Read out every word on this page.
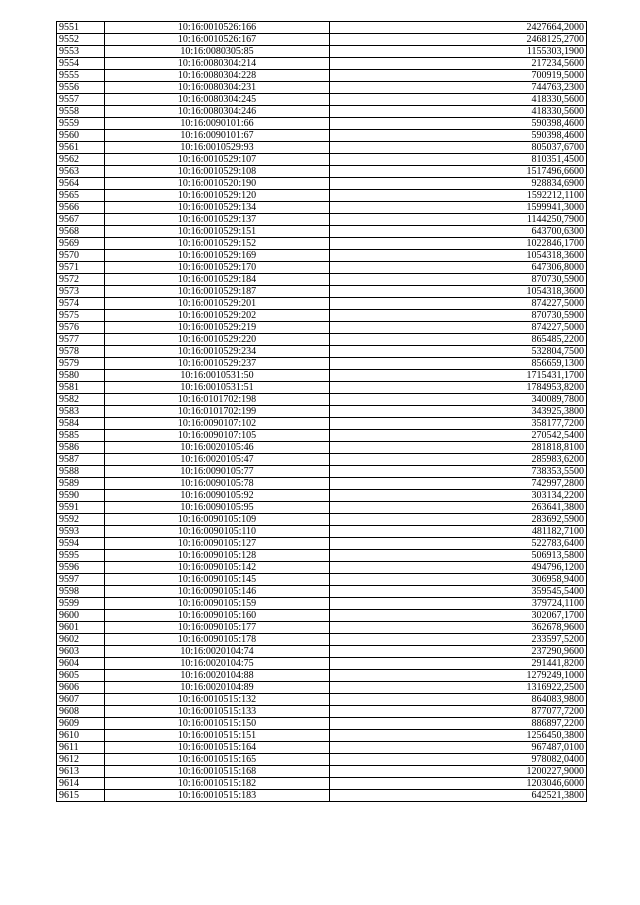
9551	10:16:0010526:166	2427664,2000
9552	10:16:0010526:167	2468125,2700
9553	10:16:0080305:85	1155303,1900
9554	10:16:0080304:214	217234,5600
9555	10:16:0080304:228	700919,5000
9556	10:16:0080304:231	744763,2300
9557	10:16:0080304:245	418330,5600
9558	10:16:0080304:246	418330,5600
9559	10:16:0090101:66	590398,4600
9560	10:16:0090101:67	590398,4600
9561	10:16:0010529:93	805037,6700
9562	10:16:0010529:107	810351,4500
9563	10:16:0010529:108	1517496,6600
9564	10:16:0010520:190	928834,6900
9565	10:16:0010529:120	1592212,1100
9566	10:16:0010529:134	1599941,3000
9567	10:16:0010529:137	1144250,7900
9568	10:16:0010529:151	643700,6300
9569	10:16:0010529:152	1022846,1700
9570	10:16:0010529:169	1054318,3600
9571	10:16:0010529:170	647306,8000
9572	10:16:0010529:184	870730,5900
9573	10:16:0010529:187	1054318,3600
9574	10:16:0010529:201	874227,5000
9575	10:16:0010529:202	870730,5900
9576	10:16:0010529:219	874227,5000
9577	10:16:0010529:220	865485,2200
9578	10:16:0010529:234	532804,7500
9579	10:16:0010529:237	856659,1300
9580	10:16:0010531:50	1715431,1700
9581	10:16:0010531:51	1784953,8200
9582	10:16:0101702:198	340089,7800
9583	10:16:0101702:199	343925,3800
9584	10:16:0090107:102	358177,7200
9585	10:16:0090107:105	270542,5400
9586	10:16:0020105:46	281818,8100
9587	10:16:0020105:47	285983,6200
9588	10:16:0090105:77	738353,5500
9589	10:16:0090105:78	742997,2800
9590	10:16:0090105:92	303134,2200
9591	10:16:0090105:95	263641,3800
9592	10:16:0090105:109	283692,5900
9593	10:16:0090105:110	481182,7100
9594	10:16:0090105:127	522783,6400
9595	10:16:0090105:128	506913,5800
9596	10:16:0090105:142	494796,1200
9597	10:16:0090105:145	306958,9400
9598	10:16:0090105:146	359545,5400
9599	10:16:0090105:159	379724,1100
9600	10:16:0090105:160	302067,1700
9601	10:16:0090105:177	362678,9600
9602	10:16:0090105:178	233597,5200
9603	10:16:0020104:74	237290,9600
9604	10:16:0020104:75	291441,8200
9605	10:16:0020104:88	1279249,1000
9606	10:16:0020104:89	1316922,2500
9607	10:16:0010515:132	864083,9800
9608	10:16:0010515:133	877077,7200
9609	10:16:0010515:150	886897,2200
9610	10:16:0010515:151	1256450,3800
9611	10:16:0010515:164	967487,0100
9612	10:16:0010515:165	978082,0400
9613	10:16:0010515:168	1200227,9000
9614	10:16:0010515:182	1203046,6000
9615	10:16:0010515:183	642521,3800
